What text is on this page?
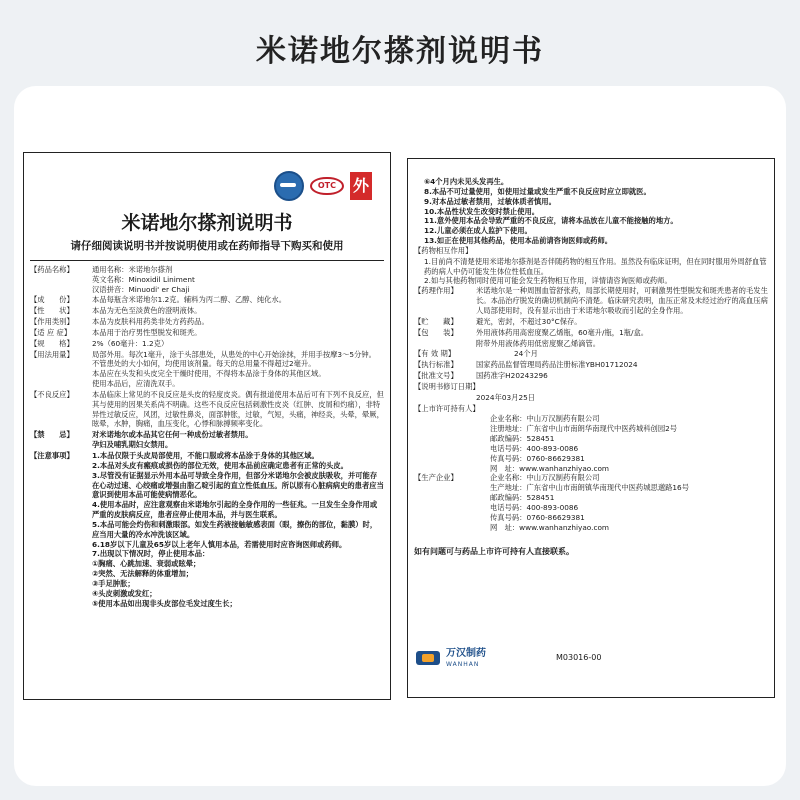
米诺地尔搽剂说明书
OTC	外
米诺地尔搽剂说明书
请仔细阅读说明书并按说明使用或在药师指导下购买和使用
【药品名称】	通用名称：米诺地尔搽剂
英文名称：Minoxidil Liniment
汉语拼音：Minuodi' er Chaji
【成　　份】	本品每瓶含米诺地尔1.2克。辅料为丙二醇、乙醇、纯化水。
【性　　状】	本品为无色至淡黄色的澄明液体。
【作用类别】	本品为皮肤科用药类非处方药药品。
【适 应 症】	本品用于治疗男性型脱发和斑秃。
【规　　格】	2%（60毫升：1.2克）
【用法用量】	局部外用。每次1毫升，涂于头部患处，从患处的中心开始涂抹，并用手按摩3～5分钟。
不管患处的大小如何，均使用该剂量。每天的总用量不得超过2毫升。
本品应在头发和头皮完全干燥时使用，不得将本品涂于身体的其他区域。
使用本品后，应清洗双手。
【不良反应】	本品临床上常见的不良反应是头皮的轻度皮炎。偶有报道使用本品后可有下列不良反应，但其与使用的因果关系尚不明确。这些不良反应包括刺激性皮炎（红肿、皮屑和灼痛），非特异性过敏反应，风团，过敏性鼻炎，面部肿胀，过敏，气短，头痛，神经炎，头晕，晕厥，眩晕，水肿，胸痛，血压变化，心悸和脉搏频率变化。
【禁　　忌】	对米诺地尔或本品其它任何一种成份过敏者禁用。
孕妇及哺乳期妇女禁用。
【注意事项】	1.本品仅限于头皮局部使用，不能口服或将本品涂于身体的其他区域。
2.本品对头皮有瘢痕或损伤的部位无效，使用本品前应确定患者有正常的头皮。
3.尽管没有证据显示外用本品可导致全身作用，但部分米诺地尔会被皮肤吸收，并可能存在心动过速、心绞痛或增强由脂乙啶引起的直立性低血压。所以原有心脏病病史的患者应当意识到使用本品可能使病情恶化。
4.使用本品时，应注意观察由米诺地尔引起的全身作用的一些征兆。一旦发生全身作用或严重的皮肤病反应，患者应停止使用本品，并与医生联系。
5.本品可能会灼伤和刺激眼部。如发生药液接触敏感表面（眼，擦伤的部位，黏膜）时，应当用大量的冷水冲洗该区域。
6.18岁以下儿童及65岁以上老年人慎用本品，若需使用时应咨询医师或药师。
7.出现以下情况时，停止使用本品：
①胸痛、心跳加速、衰弱或眩晕；
②突然、无法解释的体重增加；
③手足肿胀；
④头皮刺激或发红；
⑤使用本品如出现非头皮部位毛发过度生长；
⑥4个月内未见头发再生。
8.本品不可过量使用，如使用过量或发生严重不良反应时应立即就医。
9.对本品过敏者禁用，过敏体质者慎用。
10.本品性状发生改变时禁止使用。
11.意外使用本品会导致严重的不良反应，请将本品放在儿童不能接触的地方。
12.儿童必须在成人监护下使用。
13.如正在使用其他药品，使用本品前请咨询医师或药师。
【药物相互作用】
1.目前尚不清楚使用米诺地尔搽剂是否伴随药物的相互作用。虽然没有临床证明，但在同时服用外周舒血管药的病人中仍可能发生体位性低血压。
2.如与其他药物同时使用可能会发生药物相互作用，详情请咨询医师或药师。
【药理作用】	米诺地尔是一种周围血管舒张药，局部长期使用时，可刺激男性型脱发和斑秃患者的毛发生长。本品治疗脱发的确切机制尚不清楚。临床研究表明，血压正常及未经过治疗的高血压病人局部使用时，没有显示出由于米诺地尔吸收而引起的全身作用。
【贮　　藏】	避光，密封，不超过30°C保存。
【包　　装】	外用液体药用高密度聚乙烯瓶，60毫升/瓶，1瓶/盒。
附带外用液体药用低密度聚乙烯滴管。
【有 效 期】	24个月
【执行标准】	国家药品监督管理局药品注册标准YBH01712024
【批准文号】	国药准字H20243296
【说明书修订日期】
2024年03月25日
【上市许可持有人】
企业名称：中山万汉制药有限公司
注册地址：广东省中山市南朗华南现代中医药城科创园2号
邮政编码：528451
电话号码：400-893-0086
传真号码：0760-86629381
网　址：www.wanhanzhiyao.com
【生产企业】	企业名称：中山万汉制药有限公司
生产地址：广东省中山市南朗镇华南现代中医药城思邈路16号
邮政编码：528451
电话号码：400-893-0086
传真号码：0760-86629381
网　址：www.wanhanzhiyao.com
如有问题可与药品上市许可持有人直接联系。
万汉制药
WANHAN
M03016-00
